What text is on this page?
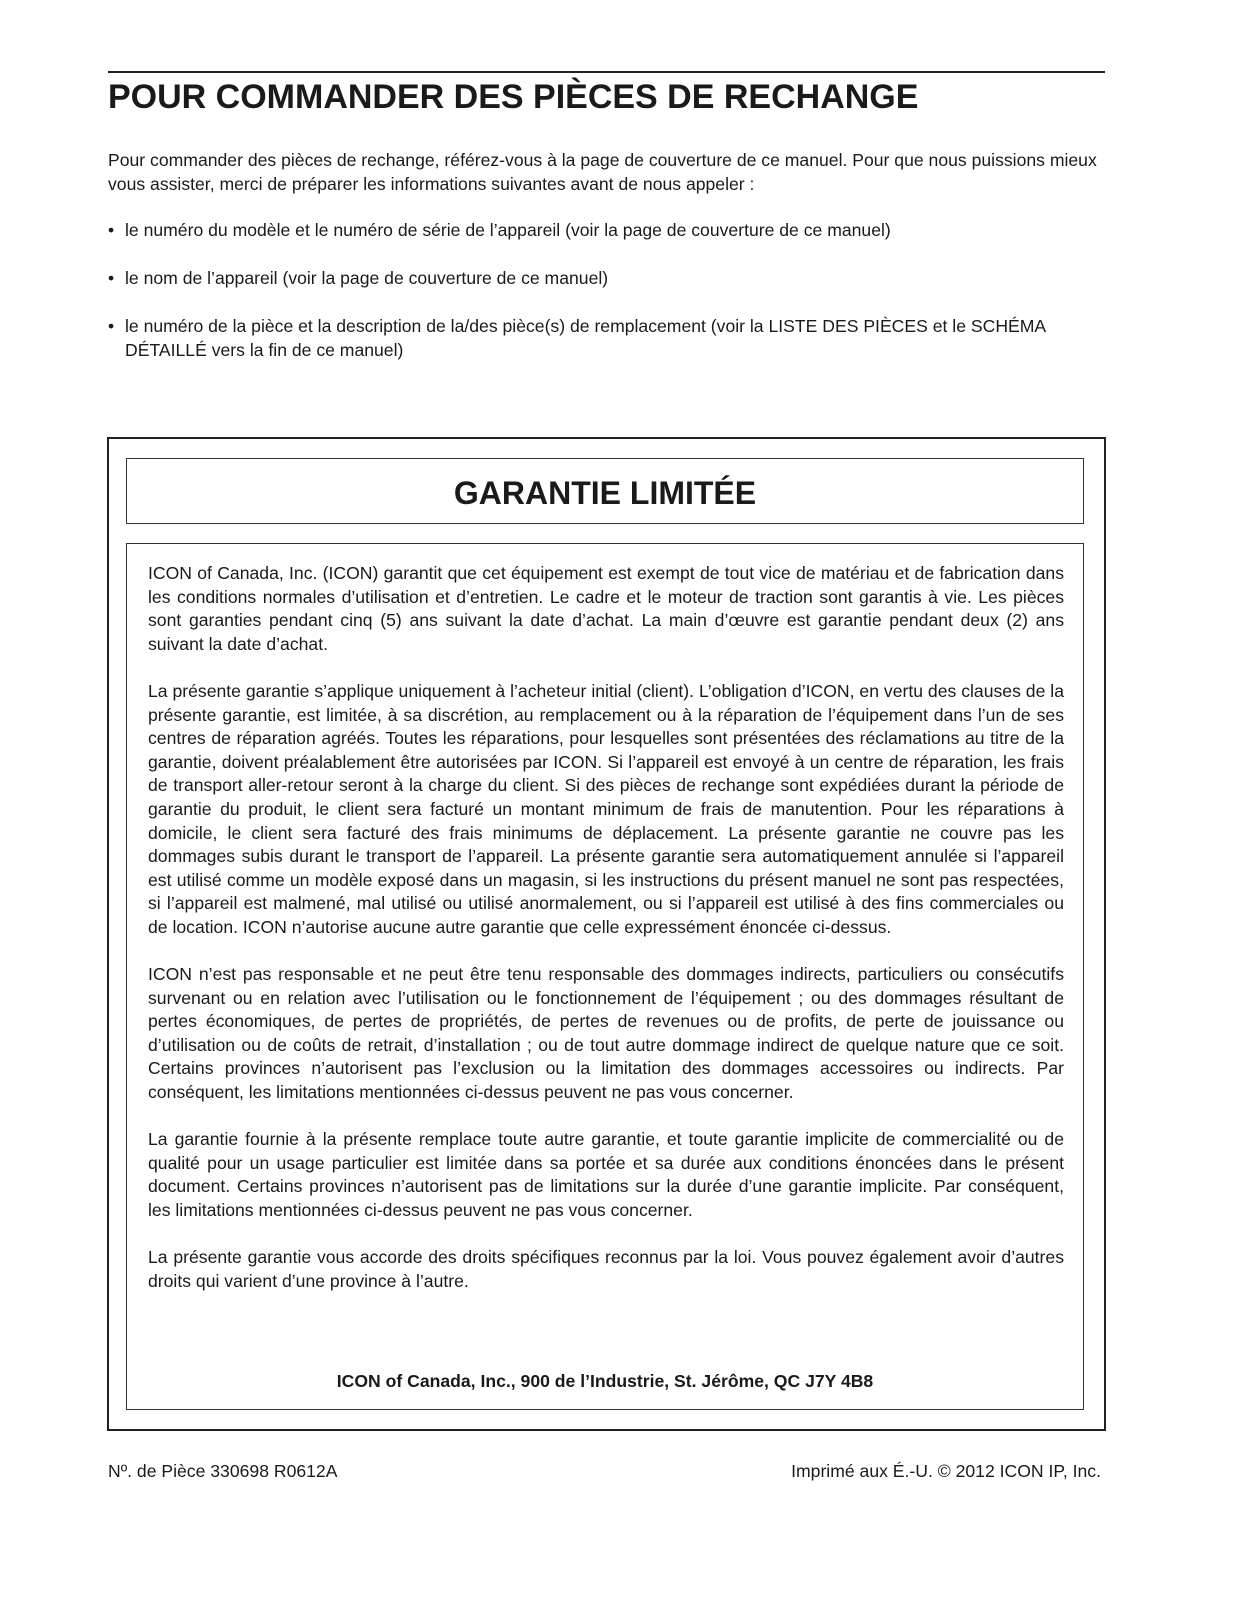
POUR COMMANDER DES PIÈCES DE RECHANGE

Pour commander des pièces de rechange, référez-vous à la page de couverture de ce manuel. Pour que nous puissions mieux vous assister, merci de préparer les informations suivantes avant de nous appeler :

• le numéro du modèle et le numéro de série de l’appareil (voir la page de couverture de ce manuel)
• le nom de l’appareil (voir la page de couverture de ce manuel)
• le numéro de la pièce et la description de la/des pièce(s) de remplacement (voir la LISTE DES PIÈCES et le SCHÉMA DÉTAILLÉ vers la fin de ce manuel)
GARANTIE LIMITÉE

ICON of Canada, Inc. (ICON) garantit que cet équipement est exempt de tout vice de matériau et de fabrication dans les conditions normales d’utilisation et d’entretien. Le cadre et le moteur de traction sont garantis à vie. Les pièces sont garanties pendant cinq (5) ans suivant la date d’achat. La main d’œuvre est garantie pendant deux (2) ans suivant la date d’achat.

La présente garantie s’applique uniquement à l’acheteur initial (client). L’obligation d’ICON, en vertu des clauses de la présente garantie, est limitée, à sa discrétion, au remplacement ou à la réparation de l’équipement dans l’un de ses centres de réparation agréés. Toutes les réparations, pour lesquelles sont présentées des réclamations au titre de la garantie, doivent préalablement être autorisées par ICON. Si l’appareil est envoyé à un centre de réparation, les frais de transport aller-retour seront à la charge du client. Si des pièces de rechange sont expédiées durant la période de garantie du produit, le client sera facturé un montant minimum de frais de manutention. Pour les réparations à domicile, le client sera facturé des frais minimums de déplacement. La présente garantie ne couvre pas les dommages subis durant le transport de l’appareil. La présente garantie sera automatiquement annulée si l’appareil est utilisé comme un modèle exposé dans un magasin, si les instructions du présent manuel ne sont pas respectées, si l’appareil est malmené, mal utilisé ou utilisé anormalement, ou si l’appareil est utilisé à des fins commerciales ou de location. ICON n’autorise aucune autre garantie que celle expressément énoncée ci-dessus.

ICON n’est pas responsable et ne peut être tenu responsable des dommages indirects, particuliers ou consécutifs survenant ou en relation avec l’utilisation ou le fonctionnement de l’équipement ; ou des dommages résultant de pertes économiques, de pertes de propriétés, de pertes de revenues ou de profits, de perte de jouissance ou d’utilisation ou de coûts de retrait, d’installation ; ou de tout autre dommage indirect de quelque nature que ce soit. Certains provinces n’autorisent pas l’exclusion ou la limitation des dommages accessoires ou indirects. Par conséquent, les limitations mentionnées ci-dessus peuvent ne pas vous concerner.

La garantie fournie à la présente remplace toute autre garantie, et toute garantie implicite de commercialité ou de qualité pour un usage particulier est limitée dans sa portée et sa durée aux conditions énoncées dans le présent document. Certains provinces n’autorisent pas de limitations sur la durée d’une garantie implicite. Par conséquent, les limitations mentionnées ci-dessus peuvent ne pas vous concerner.

La présente garantie vous accorde des droits spécifiques reconnus par la loi. Vous pouvez également avoir d’autres droits qui varient d’une province à l’autre.

ICON of Canada, Inc., 900 de l’Industrie, St. Jérôme, QC J7Y 4B8
Nº. de Pièce 330698 R0612A	Imprimé aux É.-U. © 2012 ICON IP, Inc.
